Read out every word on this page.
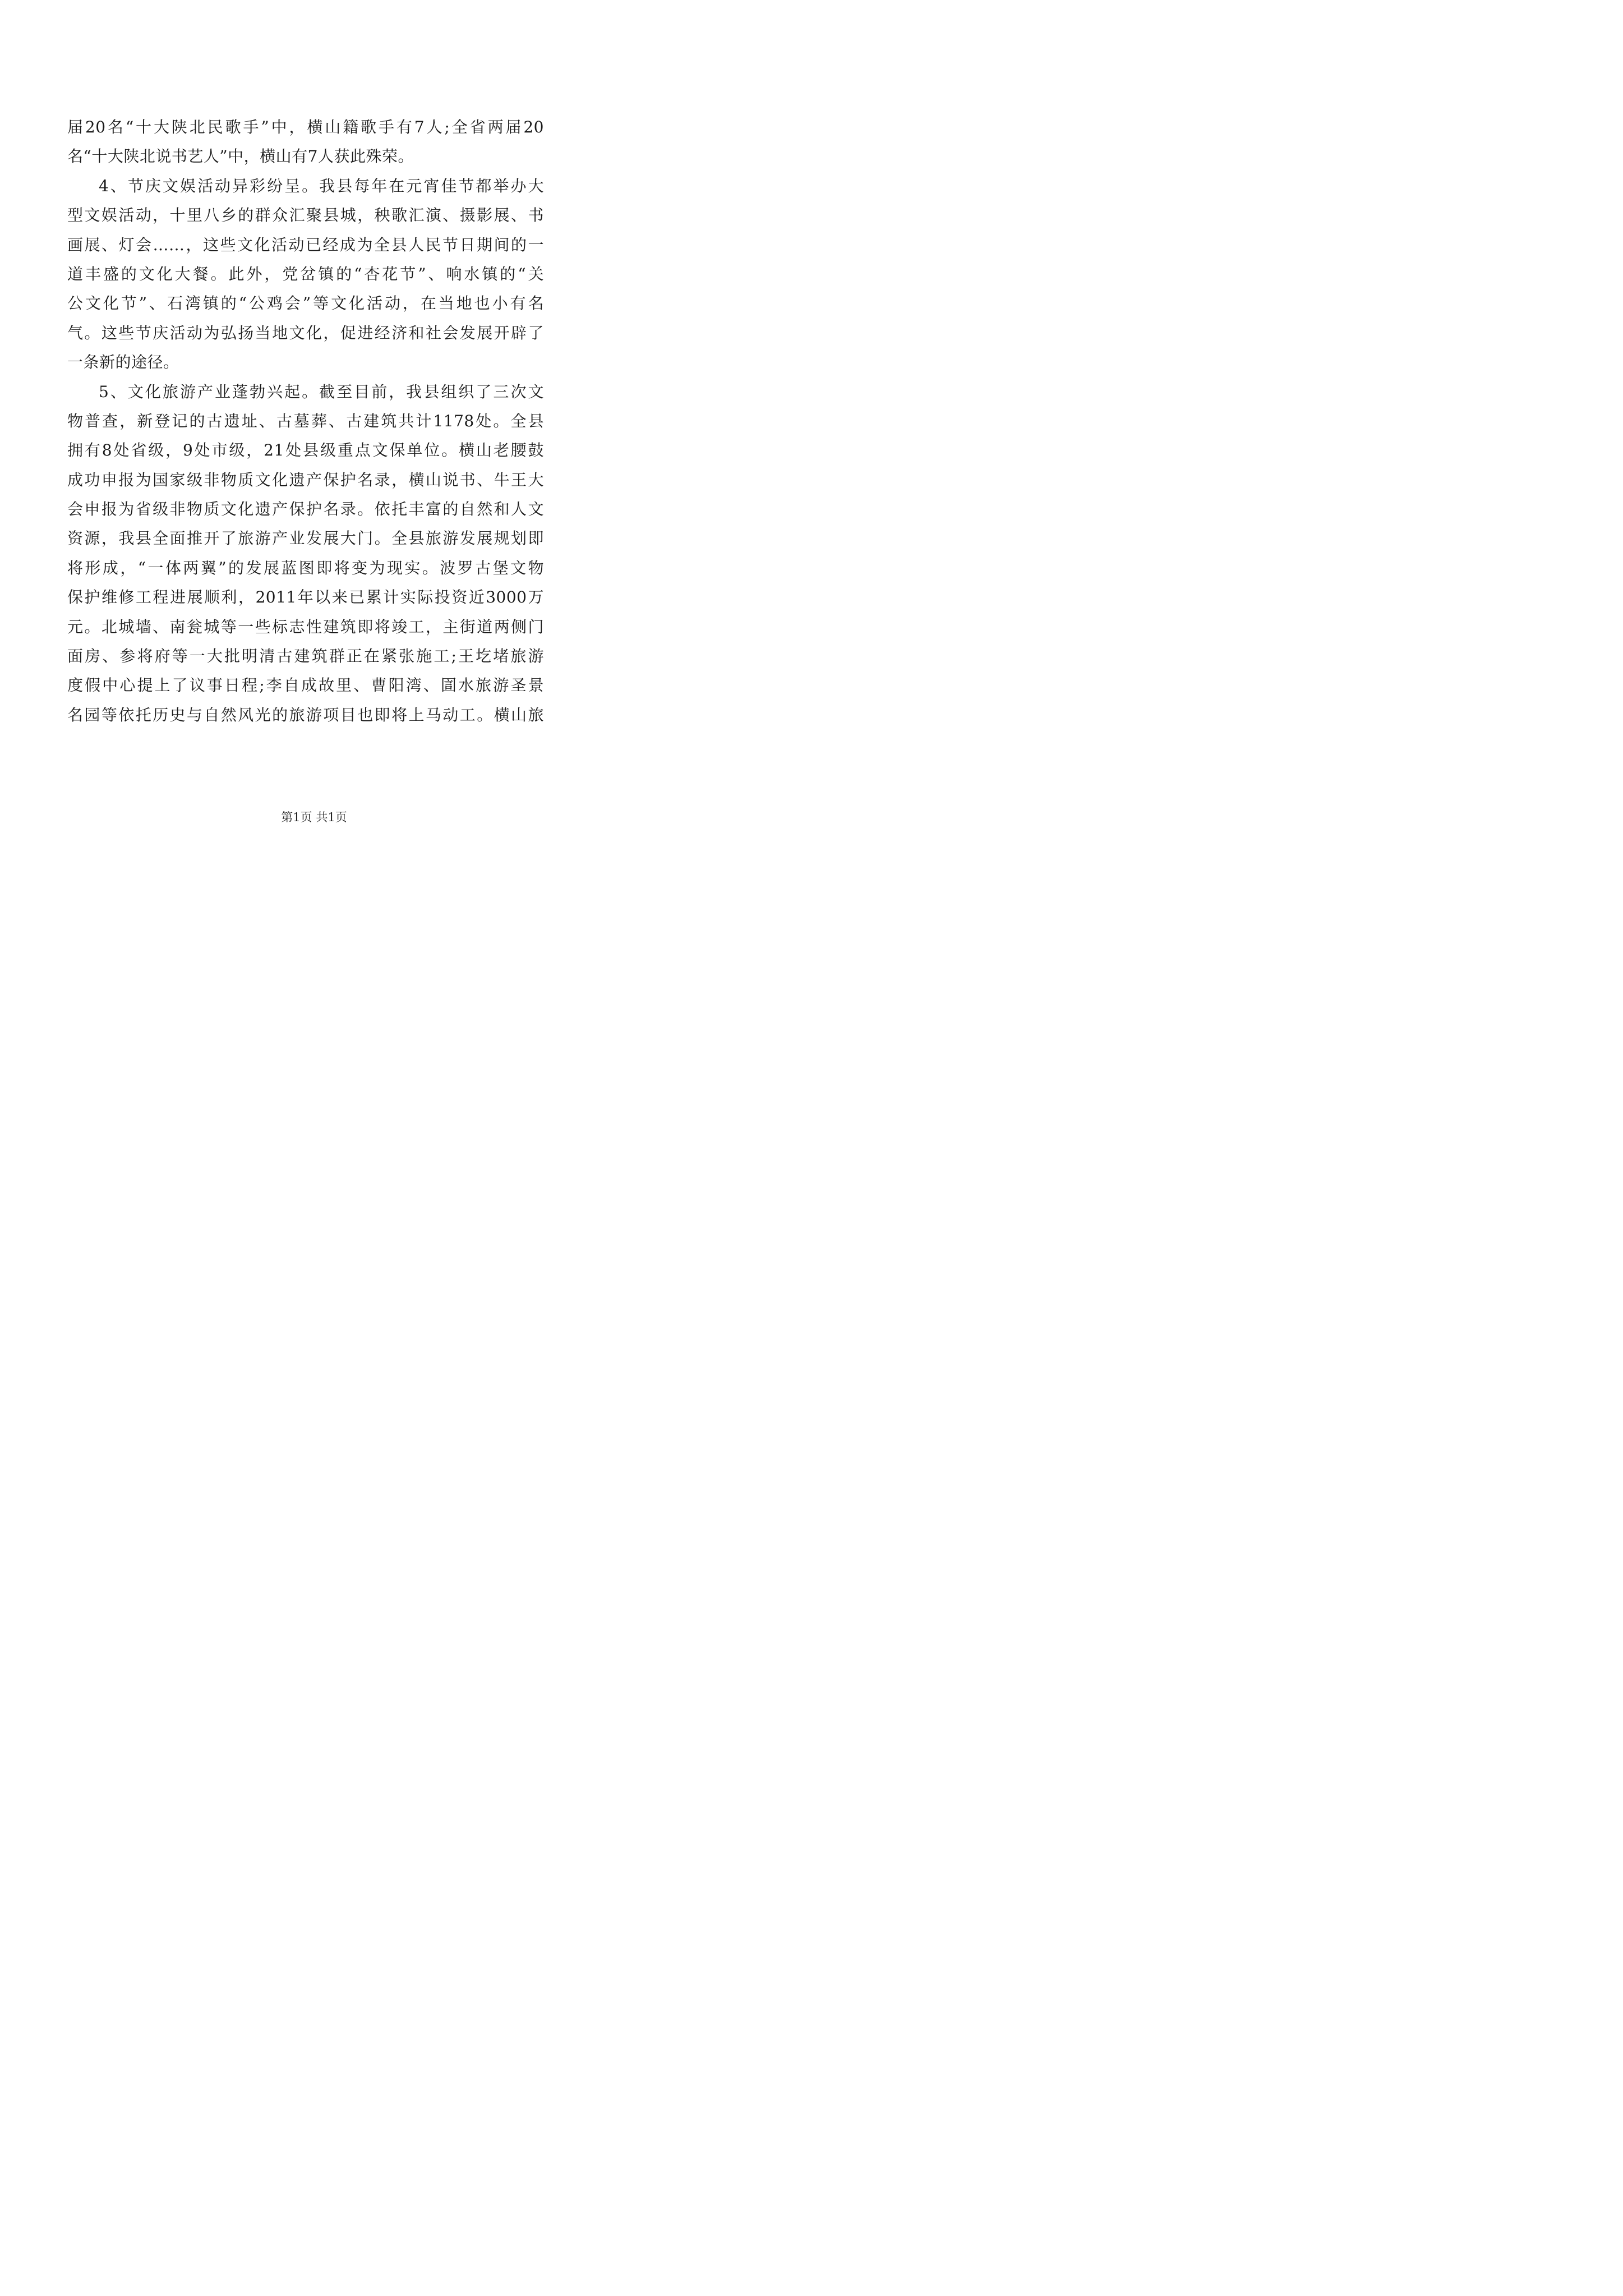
届20名“十大陕北民歌手”中，横山籍歌手有7人;全省两届20
名“十大陕北说书艺人”中，横山有7人获此殊荣。
4、节庆文娱活动异彩纷呈。我县每年在元宵佳节都举办大
型文娱活动，十里八乡的群众汇聚县城，秧歌汇演、摄影展、书
画展、灯会……，这些文化活动已经成为全县人民节日期间的一
道丰盛的文化大餐。此外，党岔镇的“杏花节”、响水镇的“关
公文化节”、石湾镇的“公鸡会”等文化活动，在当地也小有名
气。这些节庆活动为弘扬当地文化，促进经济和社会发展开辟了
一条新的途径。
5、文化旅游产业蓬勃兴起。截至目前，我县组织了三次文
物普查，新登记的古遗址、古墓葬、古建筑共计1178处。全县
拥有8处省级，9处市级，21处县级重点文保单位。横山老腰鼓
成功申报为国家级非物质文化遗产保护名录，横山说书、牛王大
会申报为省级非物质文化遗产保护名录。依托丰富的自然和人文
资源，我县全面推开了旅游产业发展大门。全县旅游发展规划即
将形成，“一体两翼”的发展蓝图即将变为现实。波罗古堡文物
保护维修工程进展顺利，2011年以来已累计实际投资近3000万
元。北城墙、南瓮城等一些标志性建筑即将竣工，主街道两侧门
面房、参将府等一大批明清古建筑群正在紧张施工;王圪堵旅游
度假中心提上了议事日程;李自成故里、曹阳湾、圁水旅游圣景
名园等依托历史与自然风光的旅游项目也即将上马动工。横山旅
第1页 共1页
